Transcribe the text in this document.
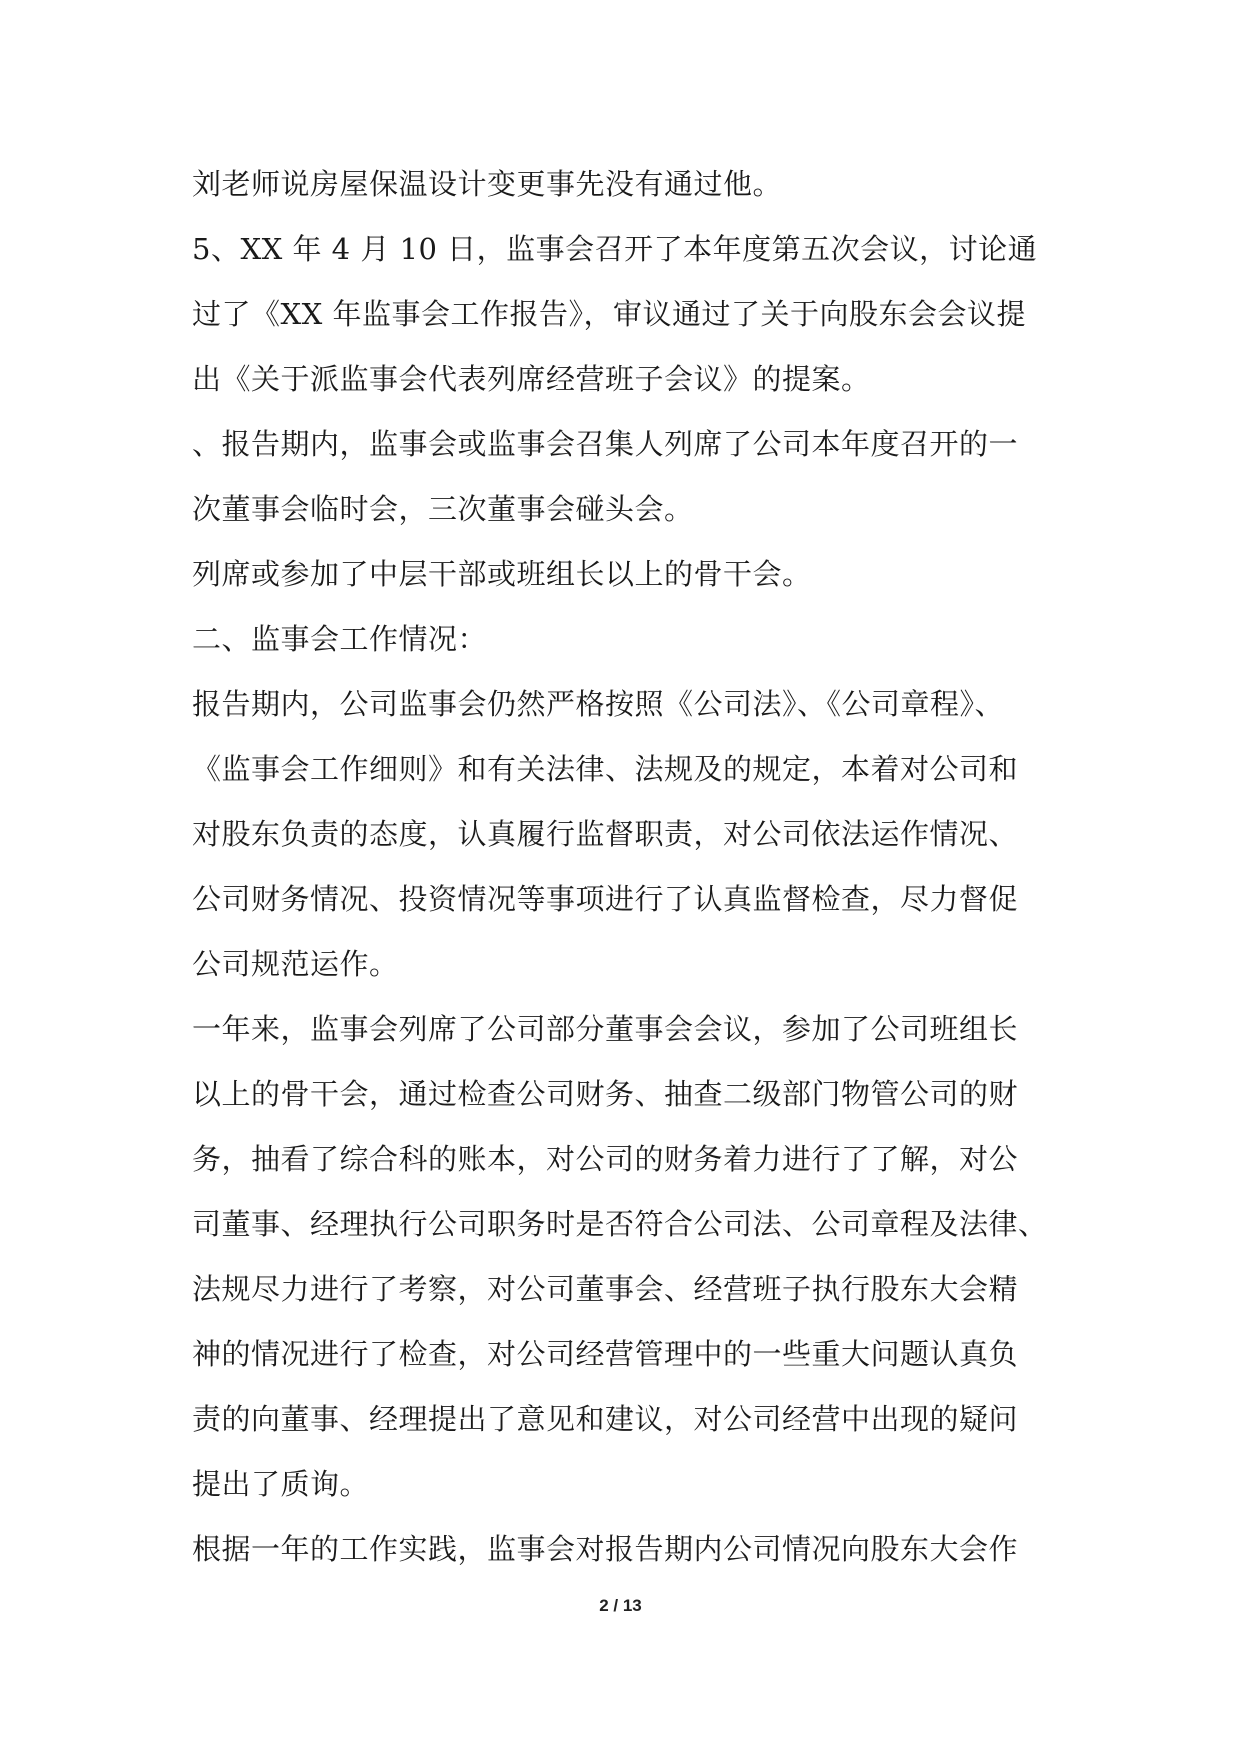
刘老师说房屋保温设计变更事先没有通过他。
5、XX 年 4 月 10 日，监事会召开了本年度第五次会议，讨论通
过了《XX 年监事会工作报告》，审议通过了关于向股东会会议提
出《关于派监事会代表列席经营班子会议》的提案。
、报告期内，监事会或监事会召集人列席了公司本年度召开的一
次董事会临时会，三次董事会碰头会。
列席或参加了中层干部或班组长以上的骨干会。
二、监事会工作情况：
报告期内，公司监事会仍然严格按照《公司法》、《公司章程》、
《监事会工作细则》和有关法律、法规及的规定，本着对公司和
对股东负责的态度，认真履行监督职责，对公司依法运作情况、
公司财务情况、投资情况等事项进行了认真监督检查，尽力督促
公司规范运作。
一年来，监事会列席了公司部分董事会会议，参加了公司班组长
以上的骨干会，通过检查公司财务、抽查二级部门物管公司的财
务，抽看了综合科的账本，对公司的财务着力进行了了解，对公
司董事、经理执行公司职务时是否符合公司法、公司章程及法律、
法规尽力进行了考察，对公司董事会、经营班子执行股东大会精
神的情况进行了检查，对公司经营管理中的一些重大问题认真负
责的向董事、经理提出了意见和建议，对公司经营中出现的疑问
提出了质询。
根据一年的工作实践，监事会对报告期内公司情况向股东大会作
2 / 13
